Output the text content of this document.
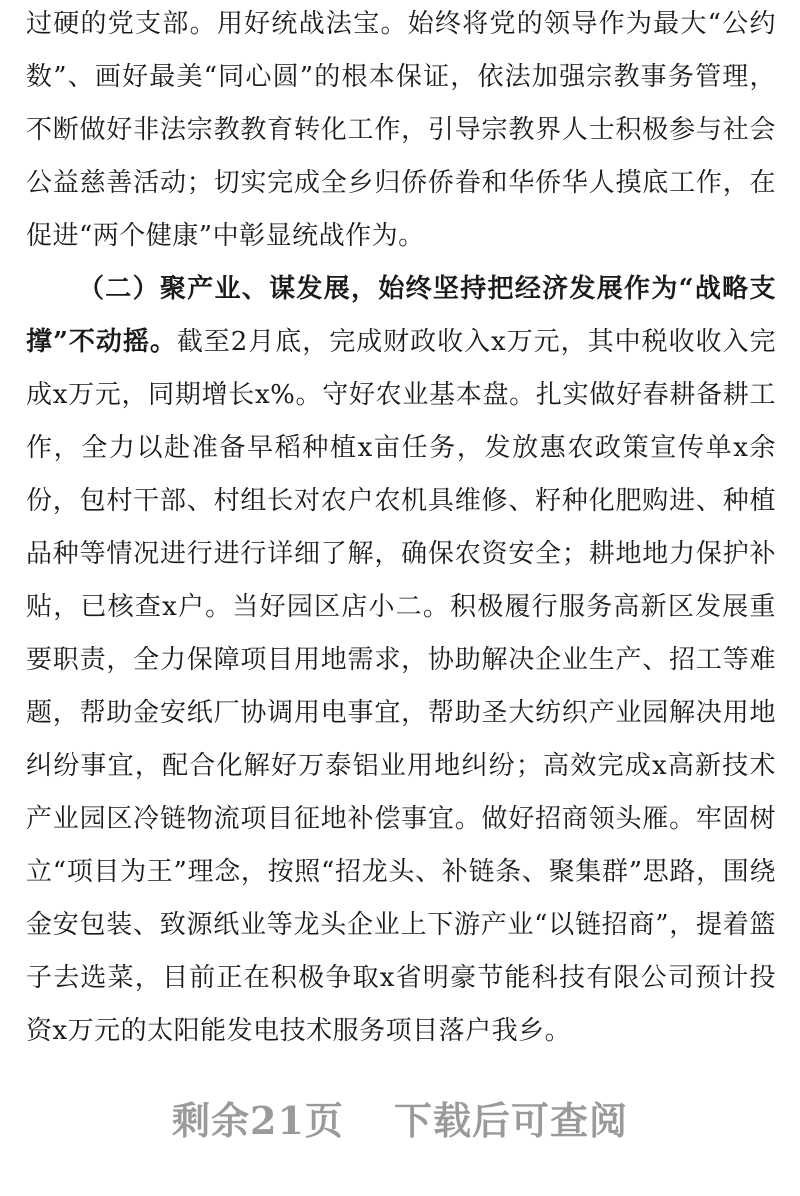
过硬的党支部。用好统战法宝。始终将党的领导作为最大“公约数”、画好最美“同心圆”的根本保证，依法加强宗教事务管理，不断做好非法宗教教育转化工作，引导宗教界人士积极参与社会公益慈善活动；切实完成全乡归侨侨眷和华侨华人摸底工作，在促进“两个健康”中彰显统战作为。

（二）聚产业、谋发展，始终坚持把经济发展作为“战略支撑”不动摇。截至2月底，完成财政收入x万元，其中税收收入完成x万元，同期增长x%。守好农业基本盘。扎实做好春耕备耕工作，全力以赴准备早稻种植x亩任务，发放惠农政策宣传单x余份，包村干部、村组长对农户农机具维修、籽种化肥购进、种植品种等情况进行进行详细了解，确保农资安全；耕地地力保护补贴，已核查x户。当好园区店小二。积极履行服务高新区发展重要职责，全力保障项目用地需求，协助解决企业生产、招工等难题，帮助金安纸厂协调用电事宜，帮助圣大纺织产业园解决用地纠纷事宜，配合化解好万泰铝业用地纠纷；高效完成x高新技术产业园区冷链物流项目征地补偿事宜。做好招商领头雁。牢固树立“项目为王”理念，按照“招龙头、补链条、聚集群”思路，围绕金安包装、致源纸业等龙头企业上下游产业“以链招商”，提着篮子去选菜，目前正在积极争取x省明豪节能科技有限公司预计投资x万元的太阳能发电技术服务项目落户我乡。

剩余21页 下载后可查阅
